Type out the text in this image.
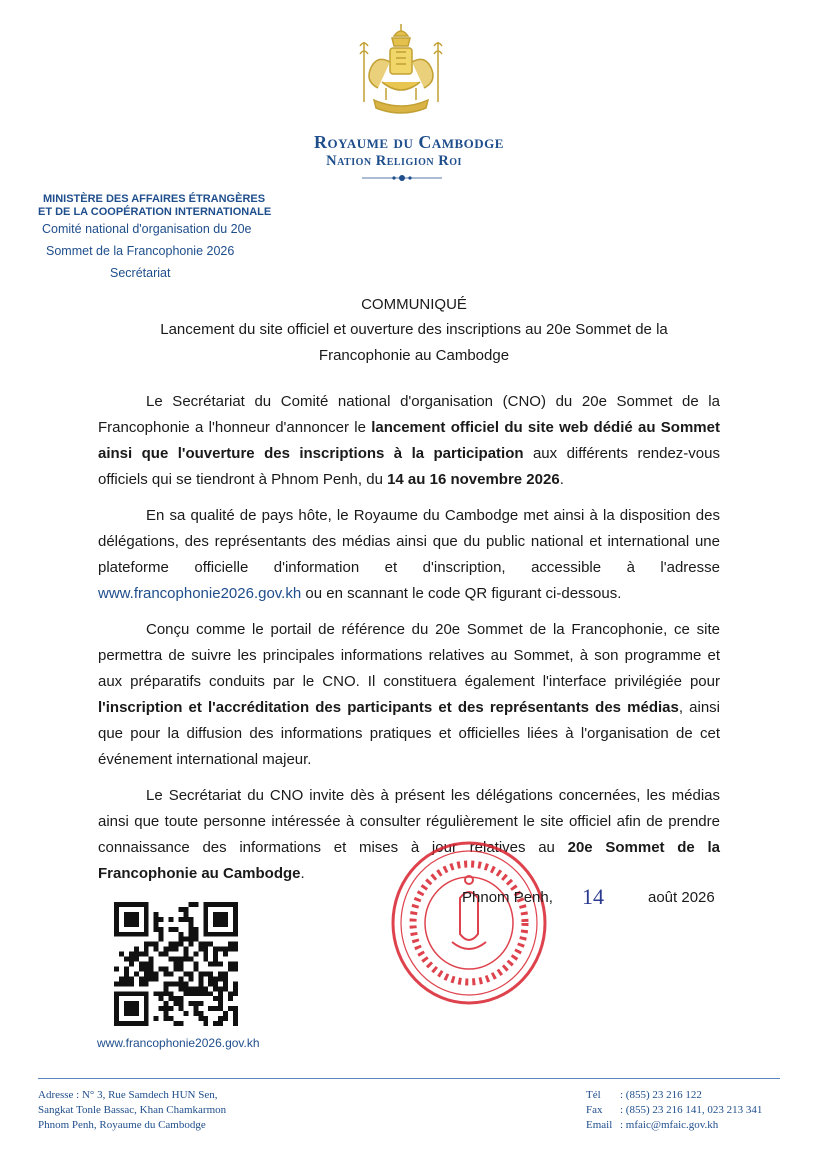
Royaume du Cambodge
Nation Religion Roi
MINISTÈRE DES AFFAIRES ÉTRANGÈRES
ET DE LA COOPÉRATION INTERNATIONALE
Comité national d'organisation du 20e
Sommet de la Francophonie 2026
Secrétariat
COMMUNIQUÉ
Lancement du site officiel et ouverture des inscriptions au 20e Sommet de la
Francophonie au Cambodge
Le Secrétariat du Comité national d'organisation (CNO) du 20e Sommet de la Francophonie a l'honneur d'annoncer le lancement officiel du site web dédié au Sommet ainsi que l'ouverture des inscriptions à la participation aux différents rendez-vous officiels qui se tiendront à Phnom Penh, du 14 au 16 novembre 2026.
En sa qualité de pays hôte, le Royaume du Cambodge met ainsi à la disposition des délégations, des représentants des médias ainsi que du public national et international une plateforme officielle d'information et d'inscription, accessible à l'adresse www.francophonie2026.gov.kh ou en scannant le code QR figurant ci-dessous.
Conçu comme le portail de référence du 20e Sommet de la Francophonie, ce site permettra de suivre les principales informations relatives au Sommet, à son programme et aux préparatifs conduits par le CNO. Il constituera également l'interface privilégiée pour l'inscription et l'accréditation des participants et des représentants des médias, ainsi que pour la diffusion des informations pratiques et officielles liées à l'organisation de cet événement international majeur.
Le Secrétariat du CNO invite dès à présent les délégations concernées, les médias ainsi que toute personne intéressée à consulter régulièrement le site officiel afin de prendre connaissance des informations et mises à jour relatives au 20e Sommet de la Francophonie au Cambodge.
Phnom Penh, 14	août 2026
www.francophonie2026.gov.kh
Adresse : N° 3, Rue Samdech HUN Sen,
Sangkat Tonle Bassac, Khan Chamkarmon
Phnom Penh, Royaume du Cambodge
Tél : (855) 23 216 122
Fax : (855) 23 216 141, 023 213 341
Email : mfaic@mfaic.gov.kh
